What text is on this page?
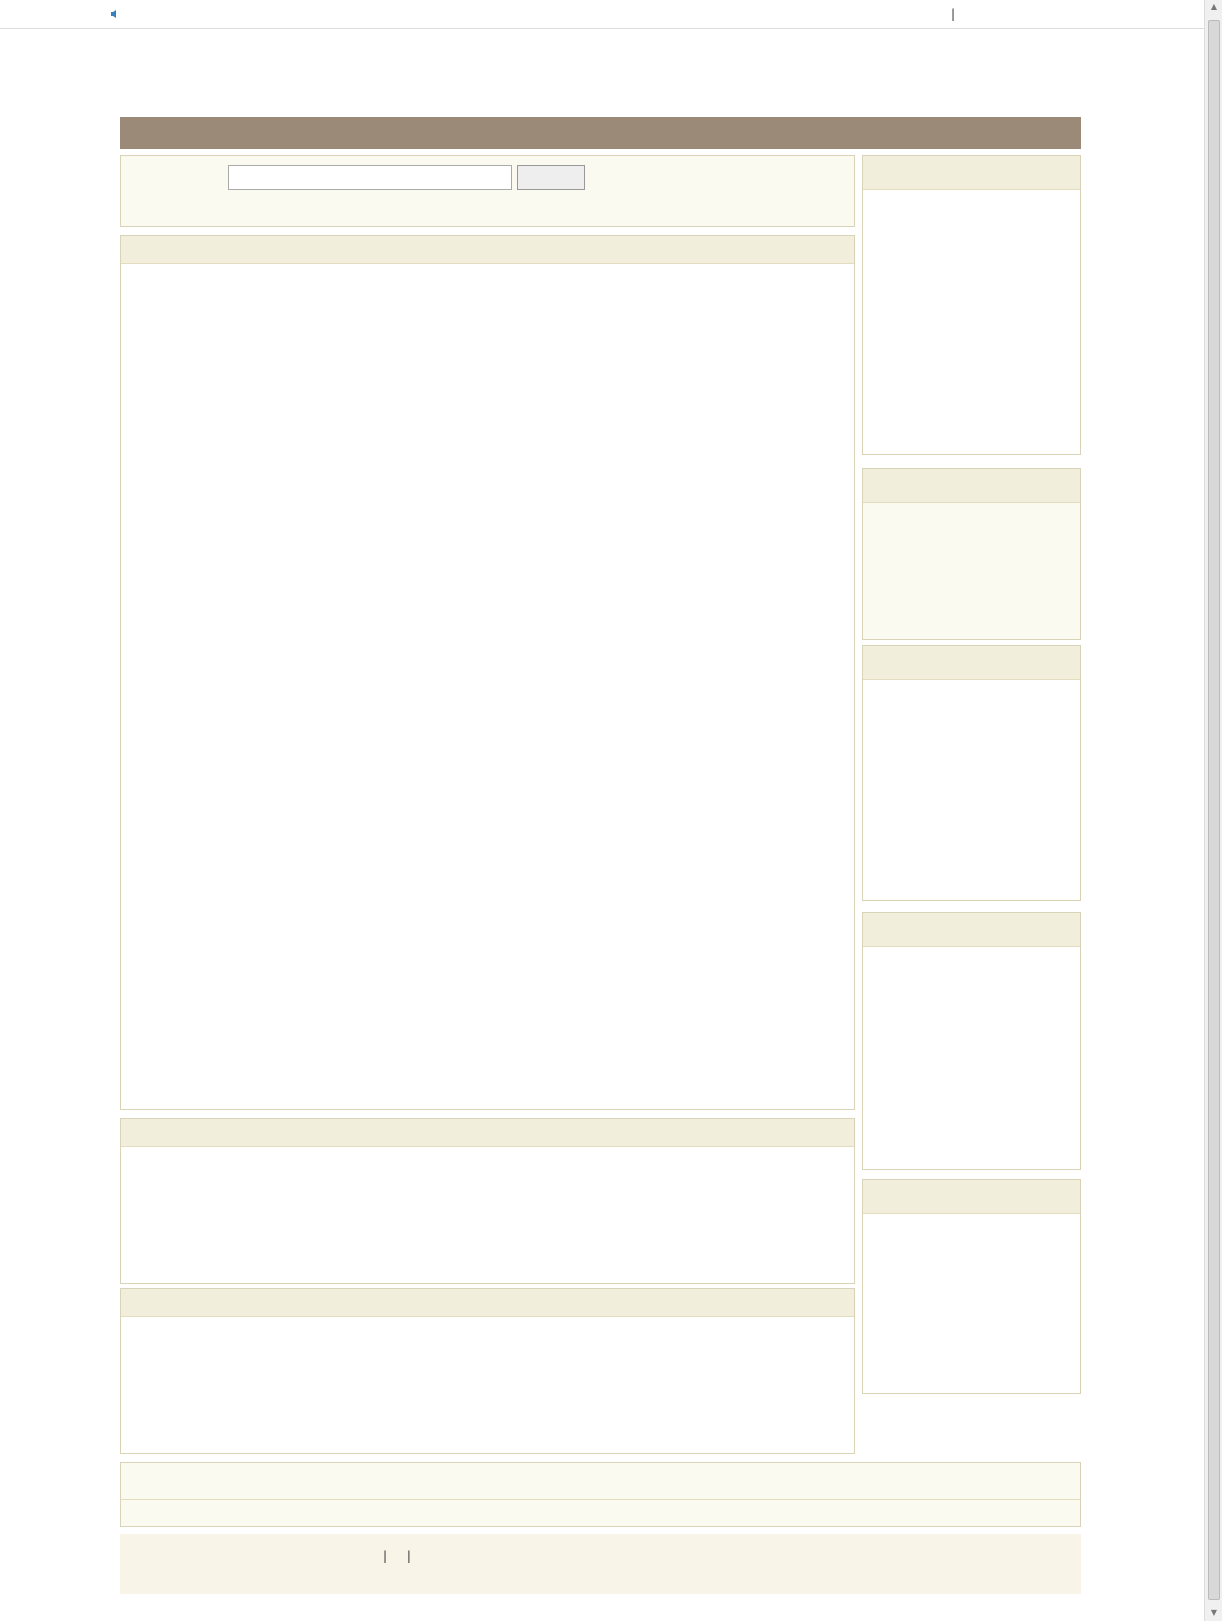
|
▲
▼
| |
